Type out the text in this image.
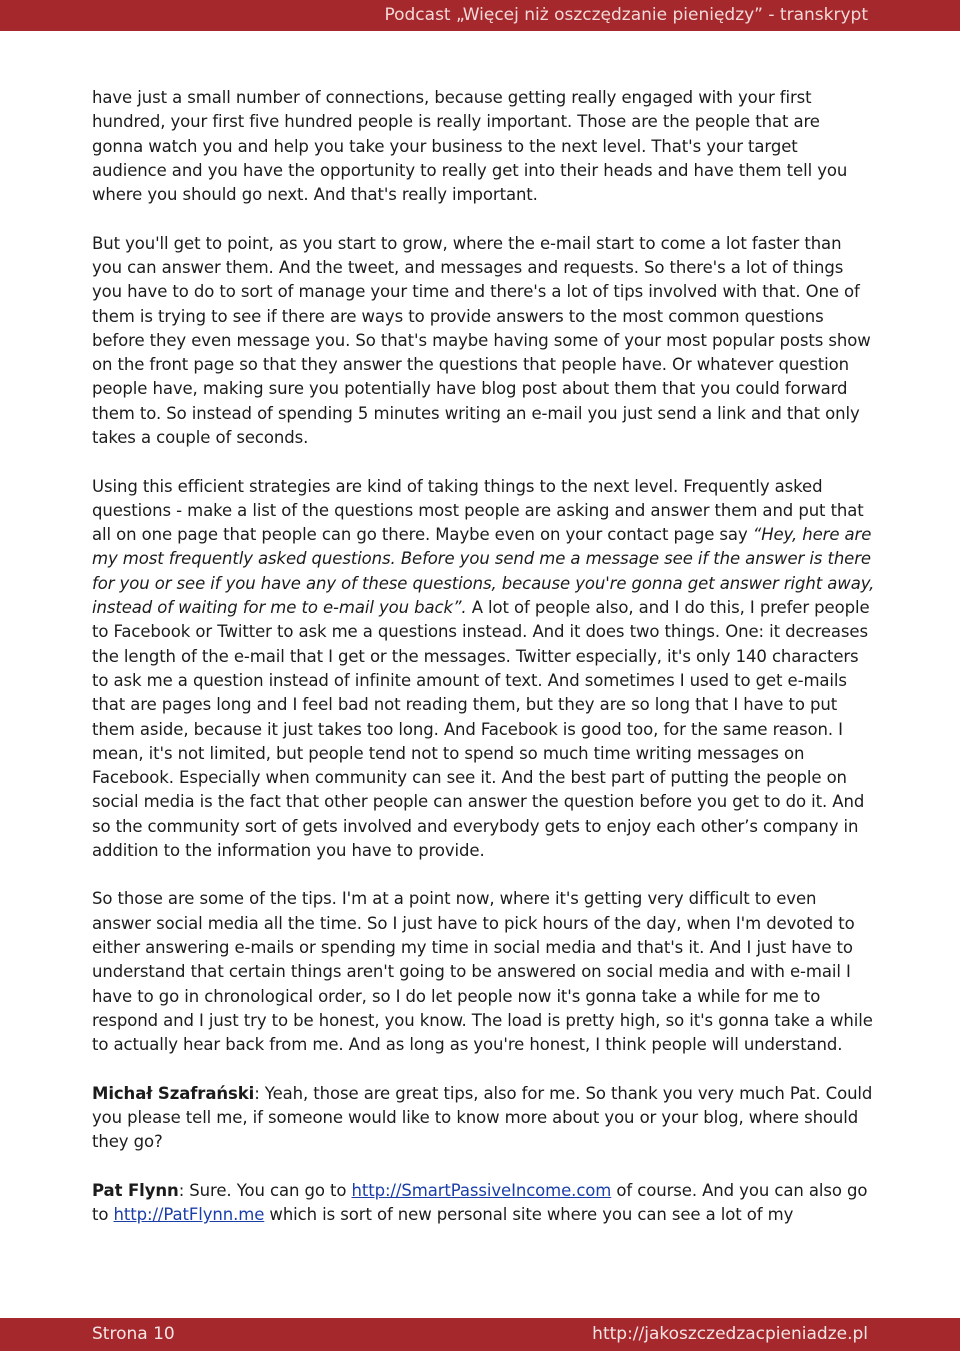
Podcast „Więcej niż oszczędzanie pieniędzy” - transkrypt

have just a small number of connections, because getting really engaged with your first hundred, your first five hundred people is really important. Those are the people that are gonna watch you and help you take your business to the next level. That's your target audience and you have the opportunity to really get into their heads and have them tell you where you should go next. And that's really important.

But you'll get to point, as you start to grow, where the e-mail start to come a lot faster than you can answer them. And the tweet, and messages and requests. So there's a lot of things you have to do to sort of manage your time and there's a lot of tips involved with that. One of them is trying to see if there are ways to provide answers to the most common questions before they even message you. So that's maybe having some of your most popular posts show on the front page so that they answer the questions that people have. Or whatever question people have, making sure you potentially have blog post about them that you could forward them to. So instead of spending 5 minutes writing an e-mail you just send a link and that only takes a couple of seconds.

Using this efficient strategies are kind of taking things to the next level. Frequently asked questions - make a list of the questions most people are asking and answer them and put that all on one page that people can go there. Maybe even on your contact page say “Hey, here are my most frequently asked questions. Before you send me a message see if the answer is there for you or see if you have any of these questions, because you're gonna get answer right away, instead of waiting for me to e-mail you back”. A lot of people also, and I do this, I prefer people to Facebook or Twitter to ask me a questions instead. And it does two things. One: it decreases the length of the e-mail that I get or the messages. Twitter especially, it's only 140 characters to ask me a question instead of infinite amount of text. And sometimes I used to get e-mails that are pages long and I feel bad not reading them, but they are so long that I have to put them aside, because it just takes too long. And Facebook is good too, for the same reason. I mean, it's not limited, but people tend not to spend so much time writing messages on Facebook. Especially when community can see it. And the best part of putting the people on social media is the fact that other people can answer the question before you get to do it. And so the community sort of gets involved and everybody gets to enjoy each other’s company in addition to the information you have to provide.

So those are some of the tips. I'm at a point now, where it's getting very difficult to even answer social media all the time. So I just have to pick hours of the day, when I'm devoted to either answering e-mails or spending my time in social media and that's it. And I just have to understand that certain things aren't going to be answered on social media and with e-mail I have to go in chronological order, so I do let people now it's gonna take a while for me to respond and I just try to be honest, you know. The load is pretty high, so it's gonna take a while to actually hear back from me. And as long as you're honest, I think people will understand.

Michał Szafrański: Yeah, those are great tips, also for me. So thank you very much Pat. Could you please tell me, if someone would like to know more about you or your blog, where should they go?

Pat Flynn: Sure. You can go to http://SmartPassiveIncome.com of course. And you can also go to http://PatFlynn.me which is sort of new personal site where you can see a lot of my

Strona 10	http://jakoszczedzacpieniadze.pl
